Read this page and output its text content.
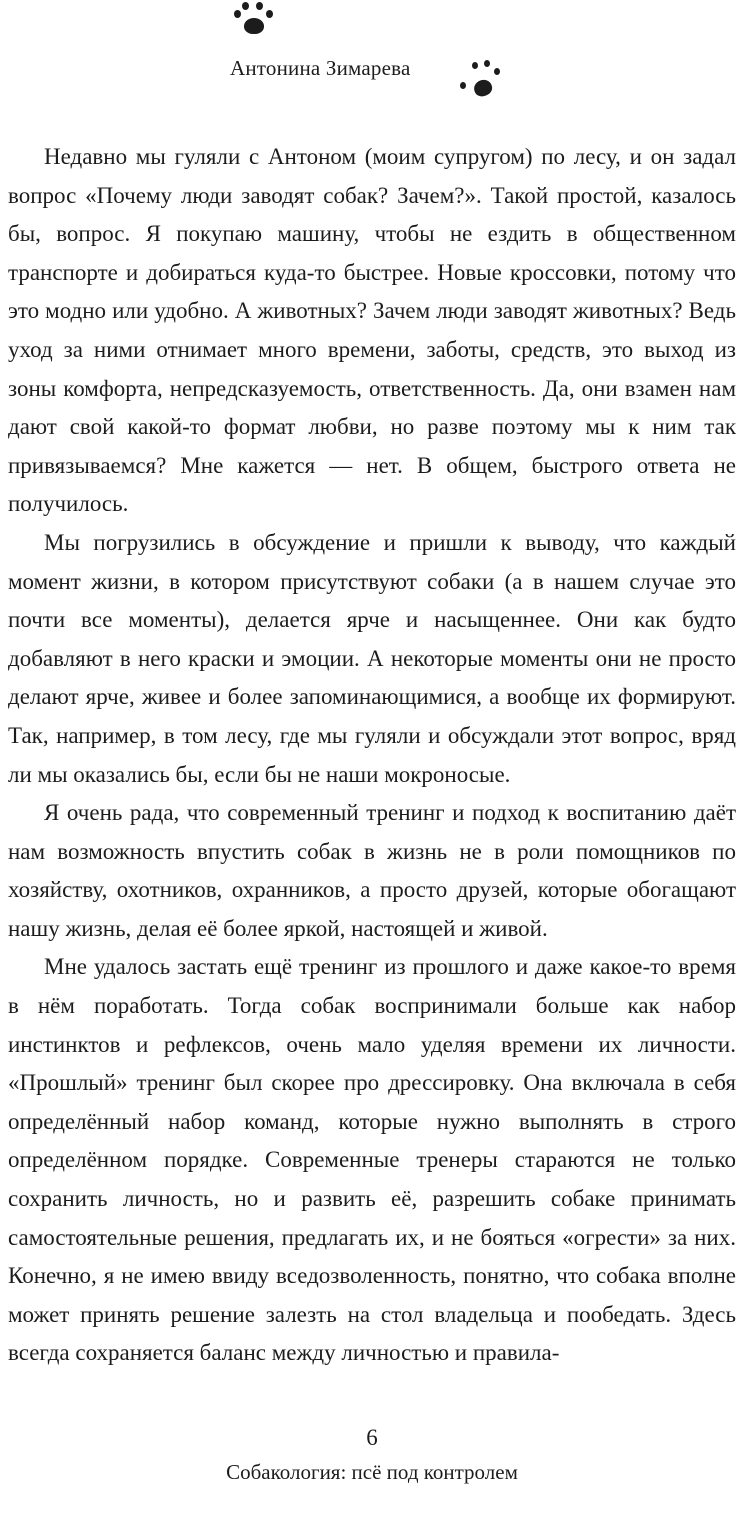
Антонина Зимарева

Недавно мы гуляли с Антоном (моим супругом) по лесу, и он задал вопрос «Почему люди заводят собак? Зачем?». Такой простой, казалось бы, вопрос. Я покупаю машину, чтобы не ездить в общественном транспорте и добираться куда-то быстрее. Новые кроссовки, потому что это модно или удобно. А животных? Зачем люди заводят животных? Ведь уход за ними отнимает много времени, заботы, средств, это выход из зоны комфорта, непредсказуемость, ответственность. Да, они взамен нам дают свой какой-то формат любви, но разве поэтому мы к ним так привязываемся? Мне кажется — нет. В общем, быстрого ответа не получилось.

Мы погрузились в обсуждение и пришли к выводу, что каждый момент жизни, в котором присутствуют собаки (а в нашем случае это почти все моменты), делается ярче и насыщеннее. Они как будто добавляют в него краски и эмоции. А некоторые моменты они не просто делают ярче, живее и более запоминающимися, а вообще их формируют. Так, например, в том лесу, где мы гуляли и обсуждали этот вопрос, вряд ли мы оказались бы, если бы не наши мокроносые.

Я очень рада, что современный тренинг и подход к воспитанию даёт нам возможность впустить собак в жизнь не в роли помощников по хозяйству, охотников, охранников, а просто друзей, которые обогащают нашу жизнь, делая её более яркой, настоящей и живой.

Мне удалось застать ещё тренинг из прошлого и даже какое-то время в нём поработать. Тогда собак воспринимали больше как набор инстинктов и рефлексов, очень мало уделяя времени их личности. «Прошлый» тренинг был скорее про дрессировку. Она включала в себя определённый набор команд, которые нужно выполнять в строго определённом порядке. Современные тренеры стараются не только сохранить личность, но и развить её, разрешить собаке принимать самостоятельные решения, предлагать их, и не бояться «огрести» за них. Конечно, я не имею ввиду вседозволенность, понятно, что собака вполне может принять решение залезть на стол владельца и пообедать. Здесь всегда сохраняется баланс между личностью и правила-

6
Собакология: псё под контролем
